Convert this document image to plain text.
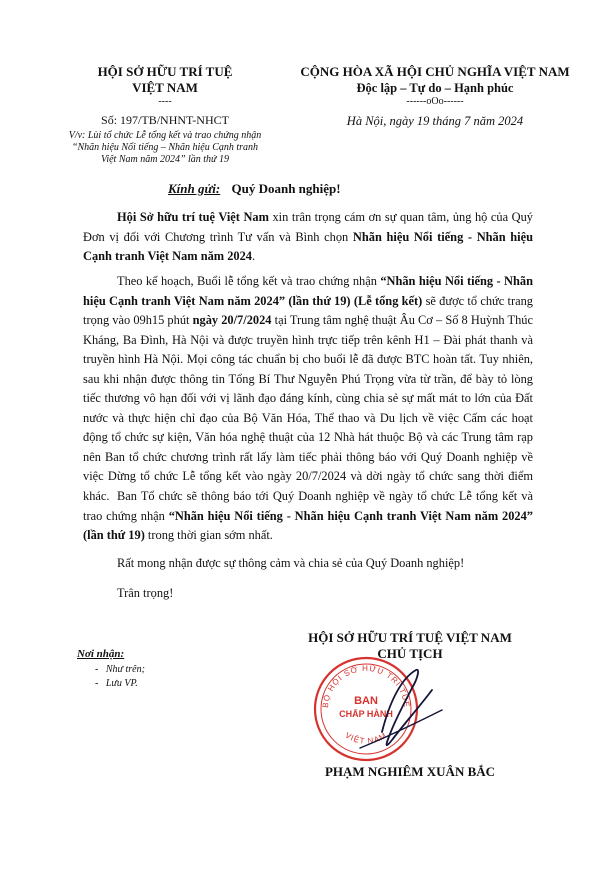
HỘI SỞ HỮU TRÍ TUỆ
VIỆT NAM
----
Số: 197/TB/NHNT-NHCT
V/v: Lùi tổ chức Lễ tổng kết và trao chứng nhận
“Nhãn hiệu Nổi tiếng – Nhãn hiệu Cạnh tranh
Việt Nam năm 2024” lần thứ 19
CỘNG HÒA XÃ HỘI CHỦ NGHĨA VIỆT NAM
Độc lập – Tự do – Hạnh phúc
------oOo------
Hà Nội, ngày 19 tháng 7 năm 2024
Kính gửi: Quý Doanh nghiệp!

Hội Sở hữu trí tuệ Việt Nam xin trân trọng cám ơn sự quan tâm, ủng hộ của Quý Đơn vị đối với Chương trình Tư vấn và Bình chọn Nhãn hiệu Nổi tiếng - Nhãn hiệu Cạnh tranh Việt Nam năm 2024.

Theo kế hoạch, Buổi lễ tổng kết và trao chứng nhận “Nhãn hiệu Nổi tiếng - Nhãn hiệu Cạnh tranh Việt Nam năm 2024” (lần thứ 19) (Lễ tổng kết) sẽ được tổ chức trang trọng vào 09h15 phút ngày 20/7/2024 tại Trung tâm nghệ thuật Âu Cơ – Số 8 Huỳnh Thúc Kháng, Ba Đình, Hà Nội và được truyền hình trực tiếp trên kênh H1 – Đài phát thanh và truyền hình Hà Nội. Mọi công tác chuẩn bị cho buổi lễ đã được BTC hoàn tất. Tuy nhiên, sau khi nhận được thông tin Tổng Bí Thư Nguyễn Phú Trọng vừa từ trần, để bày tỏ lòng tiếc thương vô hạn đối với vị lãnh đạo đáng kính, cùng chia sẻ sự mất mát to lớn của Đất nước và thực hiện chỉ đạo của Bộ Văn Hóa, Thể thao và Du lịch về việc Cấm các hoạt động tổ chức sự kiện, Văn hóa nghệ thuật của 12 Nhà hát thuộc Bộ và các Trung tâm rạp nên Ban tổ chức chương trình rất lấy làm tiếc phải thông báo với Quý Doanh nghiệp về việc Dừng tổ chức Lễ tổng kết vào ngày 20/7/2024 và dời ngày tổ chức sang thời điểm khác. Ban Tổ chức sẽ thông báo tới Quý Doanh nghiệp về ngày tổ chức Lễ tổng kết và trao chứng nhận “Nhãn hiệu Nổi tiếng - Nhãn hiệu Cạnh tranh Việt Nam năm 2024” (lần thứ 19) trong thời gian sớm nhất.

Rất mong nhận được sự thông cảm và chia sẻ của Quý Doanh nghiệp!

Trân trọng!

Nơi nhận:
-   Như trên;
-   Lưu VP.
HỘI SỞ HỮU TRÍ TUỆ VIỆT NAM
CHỦ TỊCH
BỘ HỘI SỞ HỮU TRÍ TUỆ
VIỆT NAM
BAN
CHẤP HÀNH
PHẠM NGHIÊM XUÂN BẮC
